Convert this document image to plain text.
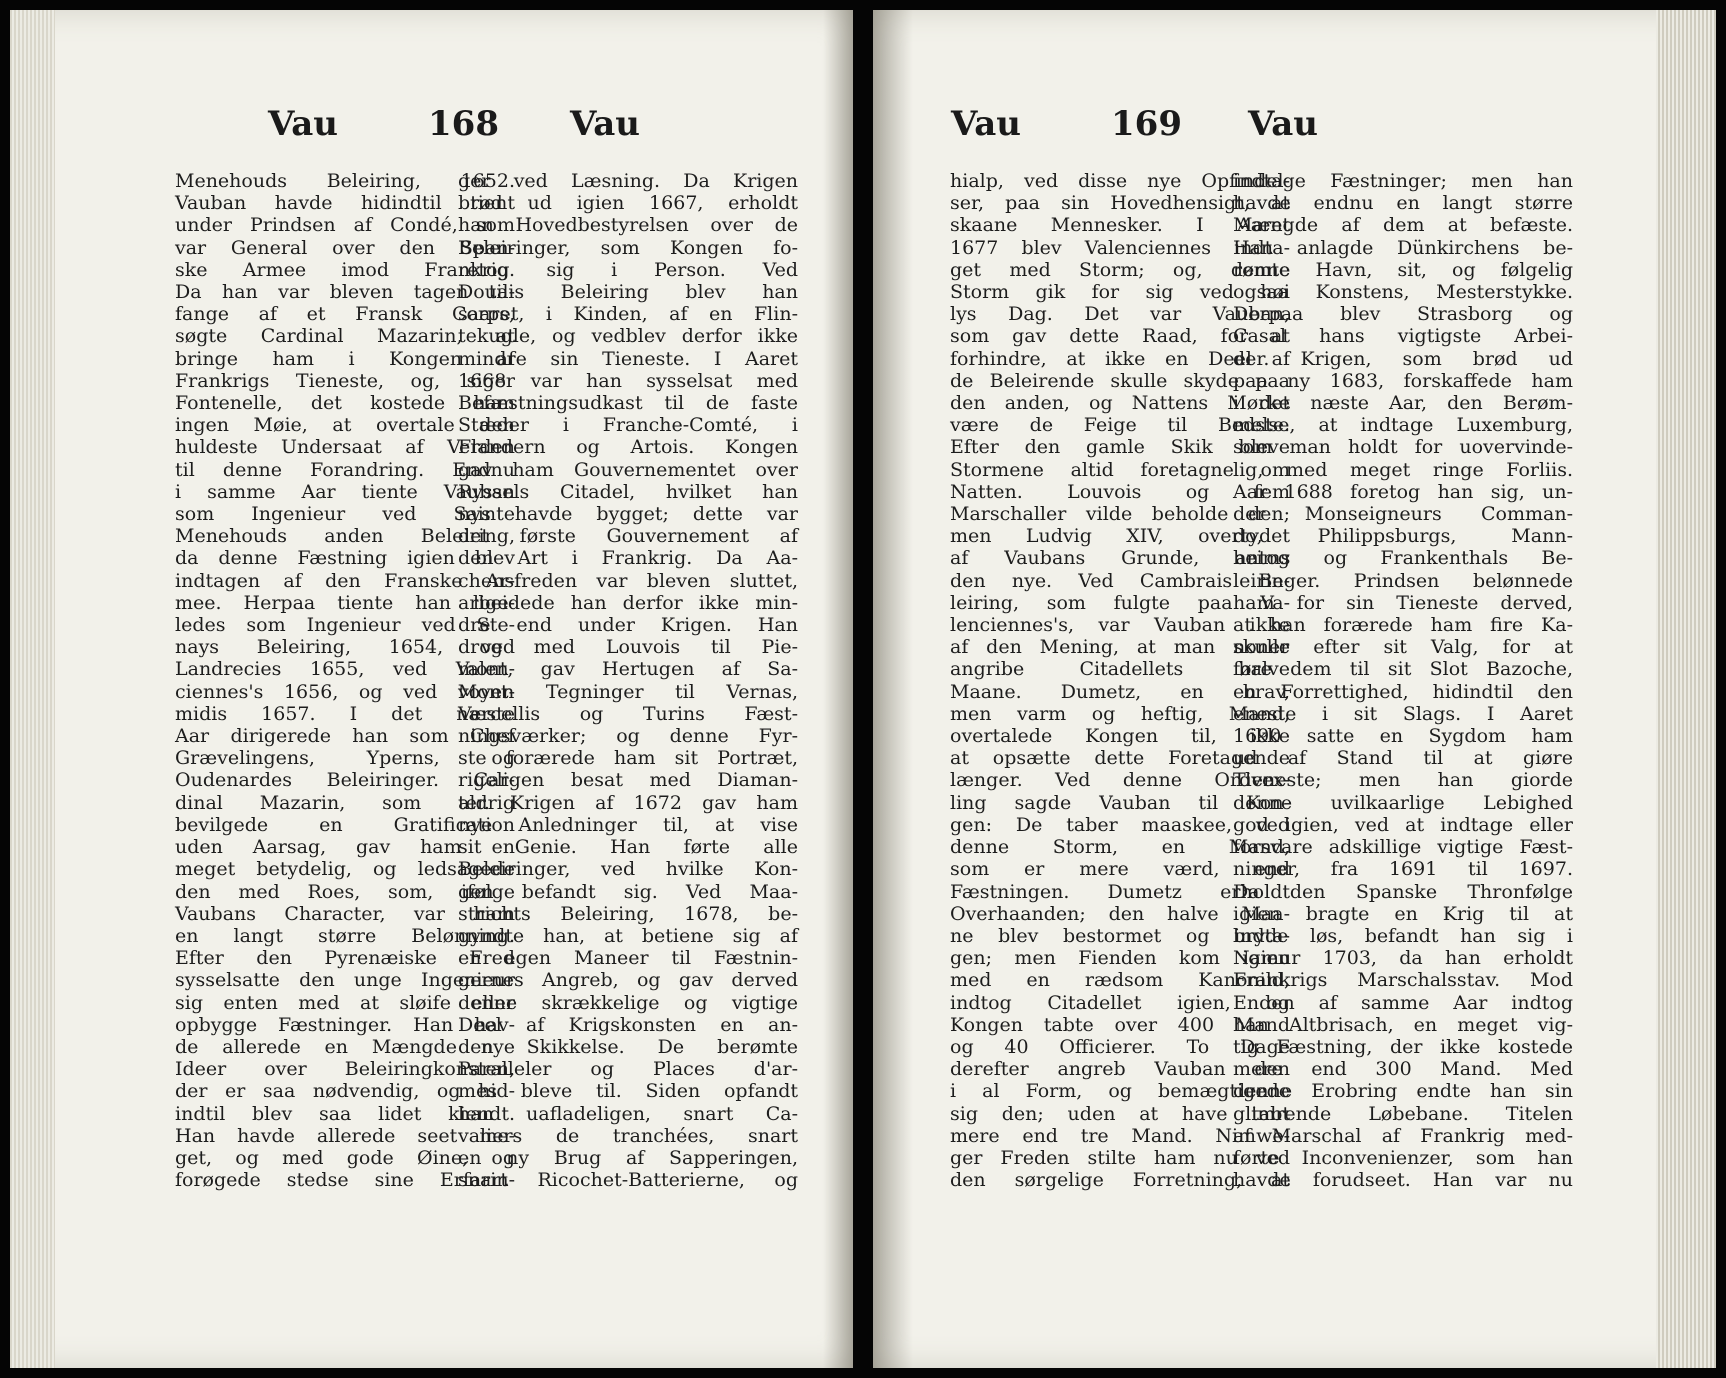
Vau	168 Vau
Menehouds Beleiring, 1652.
Vauban havde hidindtil tient
under Prindsen af Condé, som
var General over den Span-
ske Armee imod Frankrig.
Da han var bleven tagen til-
fange af et Fransk Corps,
søgte Cardinal Mazarin, at
bringe ham i Kongen af
Frankrigs Tieneste, og, siger
Fontenelle, det kostede ham
ingen Møie, at overtale den
huldeste Undersaat af Verden
til denne Forandring. Endnu
i samme Aar tiente Vauban
som Ingenieur ved Sainte
Menehouds anden Beleiring,
da denne Fæstning igien blev
indtagen af den Franske Ar-
mee. Herpaa tiente han lige-
ledes som Ingenieur ved Ste-
nays Beleiring, 1654, ved
Landrecies 1655, ved Valen-
ciennes's 1656, og ved Mont-
midis 1657. I det næste
Aar dirigerede han som Chef
Grævelingens, Yperns, og
Oudenardes Beleiringer. Car-
dinal Mazarin, som aldrig
bevilgede en Gratification
uden Aarsag, gav ham en
meget betydelig, og ledsagede
den med Roes, som, ifølge
Vaubans Character, var ham
en langt større Belønning.
Efter den Pyrenæiske Fred
sysselsatte den unge Ingenieur
sig enten med at sløife eller
opbygge Fæstninger. Han hav-
de allerede en Mængde nye
Ideer over Beleiringkonsten,
der er saa nødvendig, og hid-
indtil blev saa lidet kiendt.
Han havde allerede seet me-
get, og med gode Øine, og
forøgede stedse sine Erfarin-
ger ved Læsning. Da Krigen
brød ud igien 1667, erholdt
han Hovedbestyrelsen over de
Beleiringer, som Kongen fo-
retog sig i Person. Ved
Douais Beleiring blev han
saaret, i Kinden, af en Flin-
tekugle, og vedblev derfor ikke
mindre sin Tieneste. I Aaret
1668 var han sysselsat med
Befæstningsudkast til de faste
Stæder i Franche-Comté, i
Flandern og Artois. Kongen
gav ham Gouvernementet over
Ryssels Citadel, hvilket han
nys havde bygget; dette var
det første Gouvernement af
den Art i Frankrig. Da Aa-
chensfreden var bleven sluttet,
arbeidede han derfor ikke min-
dre end under Krigen. Han
drog med Louvois til Pie-
mont, gav Hertugen af Sa-
voyen Tegninger til Vernas,
Vercellis og Turins Fæst-
ningsværker; og denne Fyr-
ste forærede ham sit Portræt,
rigeligen besat med Diaman-
ter. Krigen af 1672 gav ham
nye Anledninger til, at vise
sit Genie. Han førte alle
Beleiringer, ved hvilke Kon-
gen befandt sig. Ved Maa-
strichts Beleiring, 1678, be-
gyndte han, at betiene sig af
en egen Maneer til Fæstnin-
gernes Angreb, og gav derved
denne skrækkelige og vigtige
Deel af Krigskonsten en an-
den Skikkelse. De berømte
Paralleler og Places d'ar-
mes bleve til. Siden opfandt
han uafladeligen, snart Ca-
valiers de tranchées, snart
en ny Brug af Sapperingen,
snart Ricochet-Batterierne, og
Vau	169 Vau
hialp, ved disse nye Opfindel-
ser, paa sin Hovedhensigt, at
skaane Mennesker. I Aaret
1677 blev Valenciennes indta-
get med Storm; og, denne
Storm gik for sig ved høi
lys Dag. Det var Vauban,
som gav dette Raad, for at
forhindre, at ikke en Deel af
de Beleirende skulle skyde paa
den anden, og Nattens Mørke
være de Feige til Bedste.
Efter den gamle Skik bleve
Stormene altid foretagne om
Natten. Louvois og fem
Marschaller vilde beholde den;
men Ludvig XIV, overtydet
af Vaubans Grunde, antog
den nye. Ved Cambrais Be-
leiring, som fulgte paa Va-
lenciennes's, var Vauban ikke
af den Mening, at man skulle
angribe Citadellets halve
Maane. Dumetz, en brav,
men varm og heftig, Mand,
overtalede Kongen til, ikke
at opsætte dette Foretagende
længer. Ved denne Ordvex-
ling sagde Vauban til Kon-
gen: De taber maaskee, ved
denne Storm, en Mand,
som er mere værd, end
Fæstningen. Dumetz erholdt
Overhaanden; den halve Maa-
ne blev bestormet og indta-
gen; men Fienden kom igien
med en rædsom Kanonild,
indtog Citadellet igien, og
Kongen tabte over 400 Mand
og 40 Officierer. To Dage
derefter angreb Vauban den
i al Form, og bemægtigede
sig den; uden at have tabt
mere end tre Mand. Nimwe-
ger Freden stilte ham nu ved
den sørgelige Forretning, at
indtage Fæstninger; men han
havde endnu en langt større
Mængde af dem at befæste.
Han anlagde Dünkirchens be-
rømte Havn, sit, og følgelig
ogsaa Konstens, Mesterstykke.
Derpaa blev Strasborg og
Casal hans vigtigste Arbei-
der. Krigen, som brød ud
paa ny 1683, forskaffede ham
i det næste Aar, den Berøm-
melse, at indtage Luxemburg,
som man holdt for uovervinde-
lig, med meget ringe Forliis.
Aar 1688 foretog han sig, un-
der Monseigneurs Comman-
do, Philippsburgs, Mann-
heims og Frankenthals Be-
leiringer. Prindsen belønnede
ham for sin Tieneste derved,
at han forærede ham fire Ka-
noner efter sit Valg, for at
føre dem til sit Slot Bazoche,
en Forrettighed, hidindtil den
eneste i sit Slags. I Aaret
1690 satte en Sygdom ham
ud af Stand til at giøre
Tieneste; men han giorde
denne uvilkaarlige Lebighed
god igien, ved at indtage eller
forsvare adskillige vigtige Fæst-
ninger, fra 1691 til 1697.
Da den Spanske Thronfølge
igien bragte en Krig til at
bryde løs, befandt han sig i
Namur 1703, da han erholdt
Frankrigs Marschalsstav. Mod
Enden af samme Aar indtog
han Altbrisach, en meget vig-
tig Fæstning, der ikke kostede
mere end 300 Mand. Med
denne Erobring endte han sin
glimrende Løbebane. Titelen
af Marschal af Frankrig med-
førte Inconvenienzer, som han
havde forudseet. Han var nu
